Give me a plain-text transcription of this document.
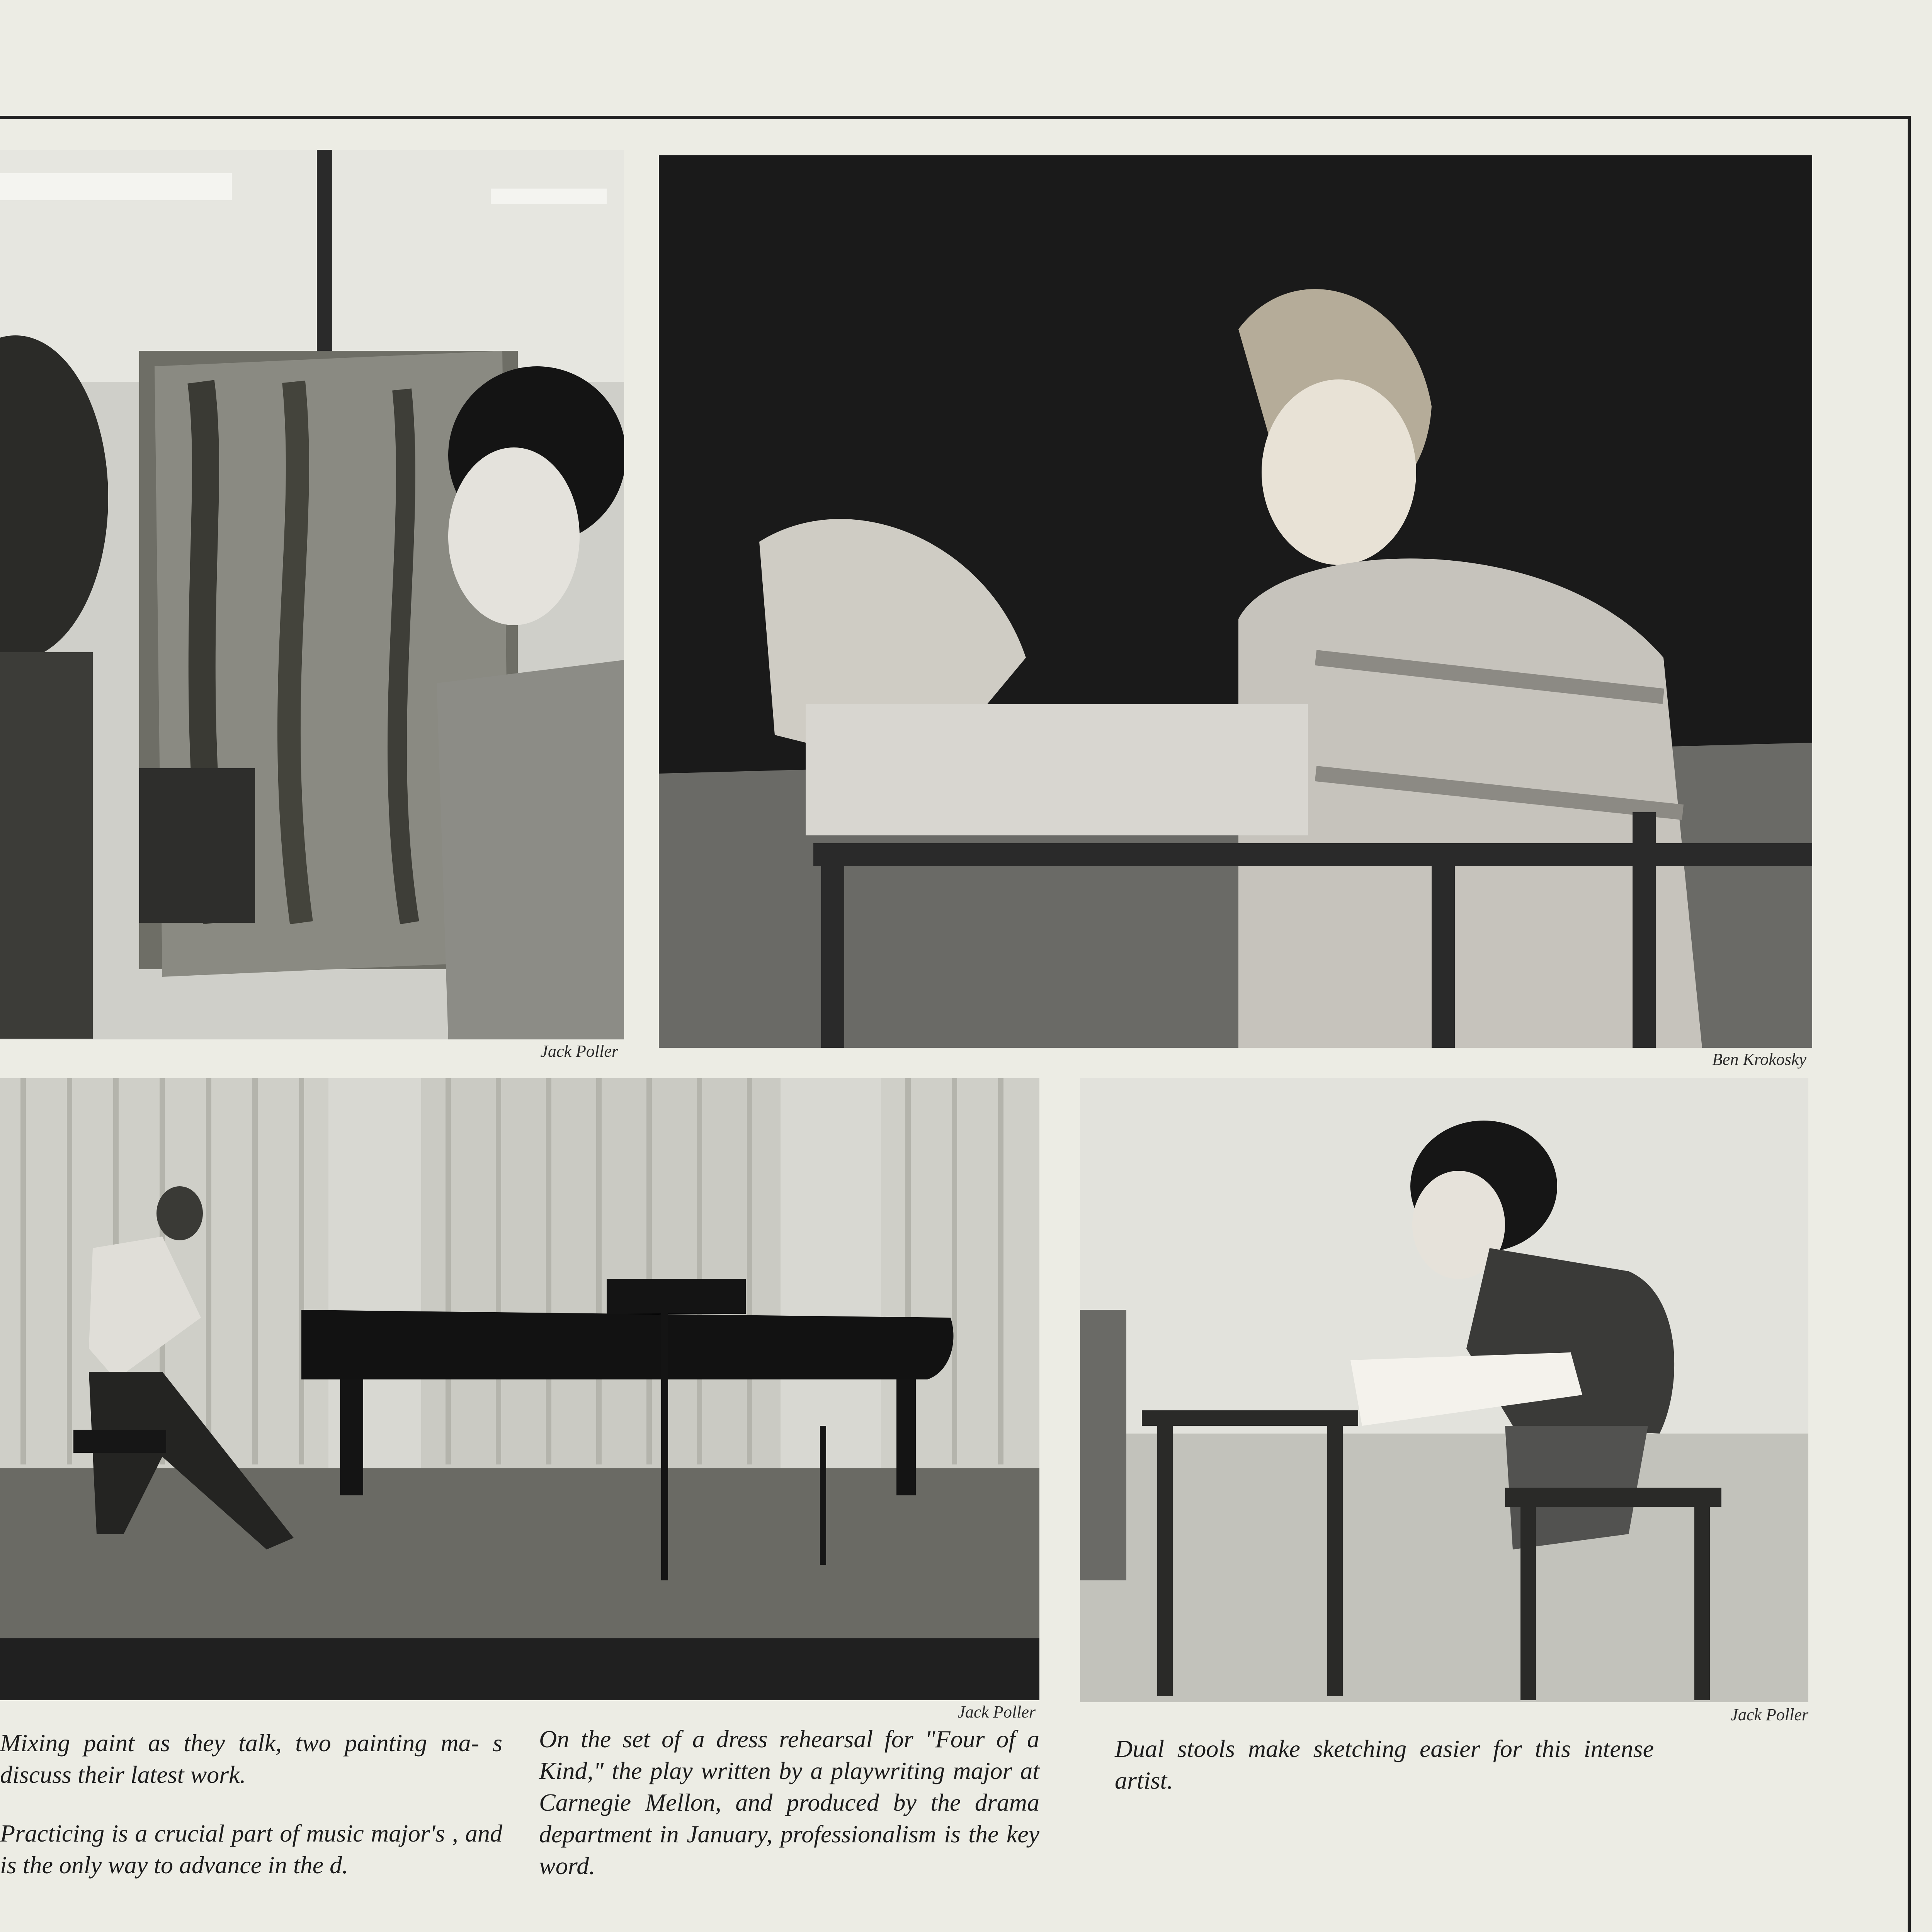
Jack Poller	Ben Krokosky
Jack Poller	Jack Poller

Mixing paint as they talk, two painting ma- s discuss their latest work.

Practicing is a crucial part of music major's , and is the only way to advance in the d.

On the set of a dress rehearsal for "Four of a Kind," the play written by a playwriting major at Carnegie Mellon, and produced by the drama department in January, professionalism is the key word.
Dual stools make sketching easier for this intense artist.
